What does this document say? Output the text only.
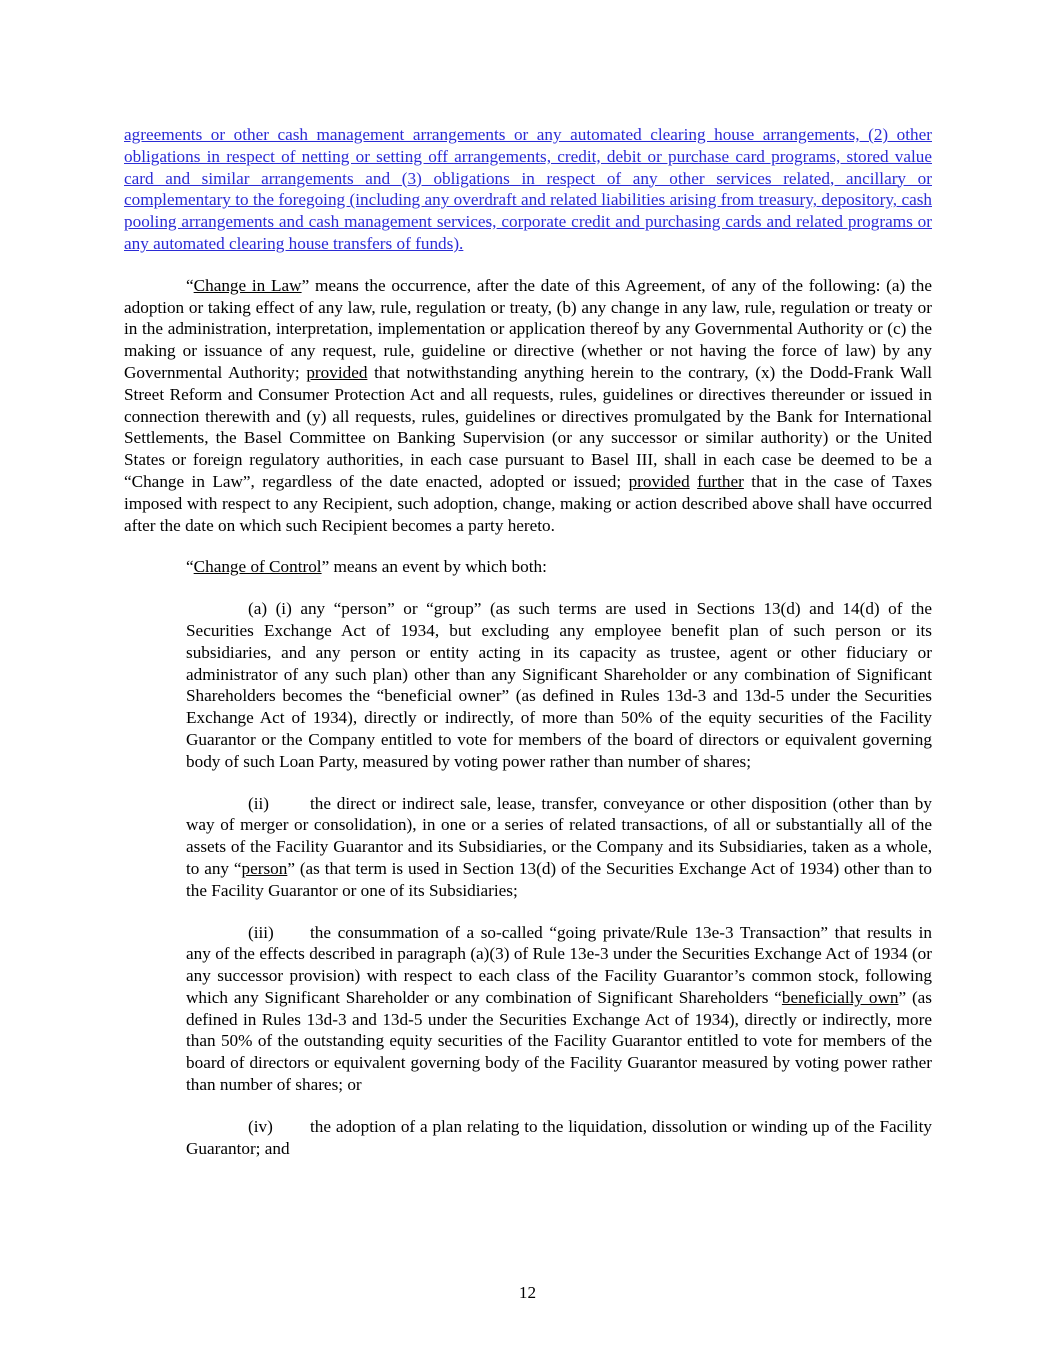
agreements or other cash management arrangements or any automated clearing house arrangements, (2) other obligations in respect of netting or setting off arrangements, credit, debit or purchase card programs, stored value card and similar arrangements and (3) obligations in respect of any other services related, ancillary or complementary to the foregoing (including any overdraft and related liabilities arising from treasury, depository, cash pooling arrangements and cash management services, corporate credit and purchasing cards and related programs or any automated clearing house transfers of funds).

“Change in Law” means the occurrence, after the date of this Agreement, of any of the following: (a) the adoption or taking effect of any law, rule, regulation or treaty, (b) any change in any law, rule, regulation or treaty or in the administration, interpretation, implementation or application thereof by any Governmental Authority or (c) the making or issuance of any request, rule, guideline or directive (whether or not having the force of law) by any Governmental Authority; provided that notwithstanding anything herein to the contrary, (x) the Dodd-Frank Wall Street Reform and Consumer Protection Act and all requests, rules, guidelines or directives thereunder or issued in connection therewith and (y) all requests, rules, guidelines or directives promulgated by the Bank for International Settlements, the Basel Committee on Banking Supervision (or any successor or similar authority) or the United States or foreign regulatory authorities, in each case pursuant to Basel III, shall in each case be deemed to be a “Change in Law”, regardless of the date enacted, adopted or issued; provided further that in the case of Taxes imposed with respect to any Recipient, such adoption, change, making or action described above shall have occurred after the date on which such Recipient becomes a party hereto.

“Change of Control” means an event by which both:

(a) (i) any “person” or “group” (as such terms are used in Sections 13(d) and 14(d) of the Securities Exchange Act of 1934, but excluding any employee benefit plan of such person or its subsidiaries, and any person or entity acting in its capacity as trustee, agent or other fiduciary or administrator of any such plan) other than any Significant Shareholder or any combination of Significant Shareholders becomes the “beneficial owner” (as defined in Rules 13d-3 and 13d-5 under the Securities Exchange Act of 1934), directly or indirectly, of more than 50% of the equity securities of the Facility Guarantor or the Company entitled to vote for members of the board of directors or equivalent governing body of such Loan Party, measured by voting power rather than number of shares;

(ii) the direct or indirect sale, lease, transfer, conveyance or other disposition (other than by way of merger or consolidation), in one or a series of related transactions, of all or substantially all of the assets of the Facility Guarantor and its Subsidiaries, or the Company and its Subsidiaries, taken as a whole, to any “person” (as that term is used in Section 13(d) of the Securities Exchange Act of 1934) other than to the Facility Guarantor or one of its Subsidiaries;

(iii) the consummation of a so-called “going private/Rule 13e-3 Transaction” that results in any of the effects described in paragraph (a)(3) of Rule 13e-3 under the Securities Exchange Act of 1934 (or any successor provision) with respect to each class of the Facility Guarantor’s common stock, following which any Significant Shareholder or any combination of Significant Shareholders “beneficially own” (as defined in Rules 13d-3 and 13d-5 under the Securities Exchange Act of 1934), directly or indirectly, more than 50% of the outstanding equity securities of the Facility Guarantor entitled to vote for members of the board of directors or equivalent governing body of the Facility Guarantor measured by voting power rather than number of shares; or

(iv) the adoption of a plan relating to the liquidation, dissolution or winding up of the Facility Guarantor; and

12
